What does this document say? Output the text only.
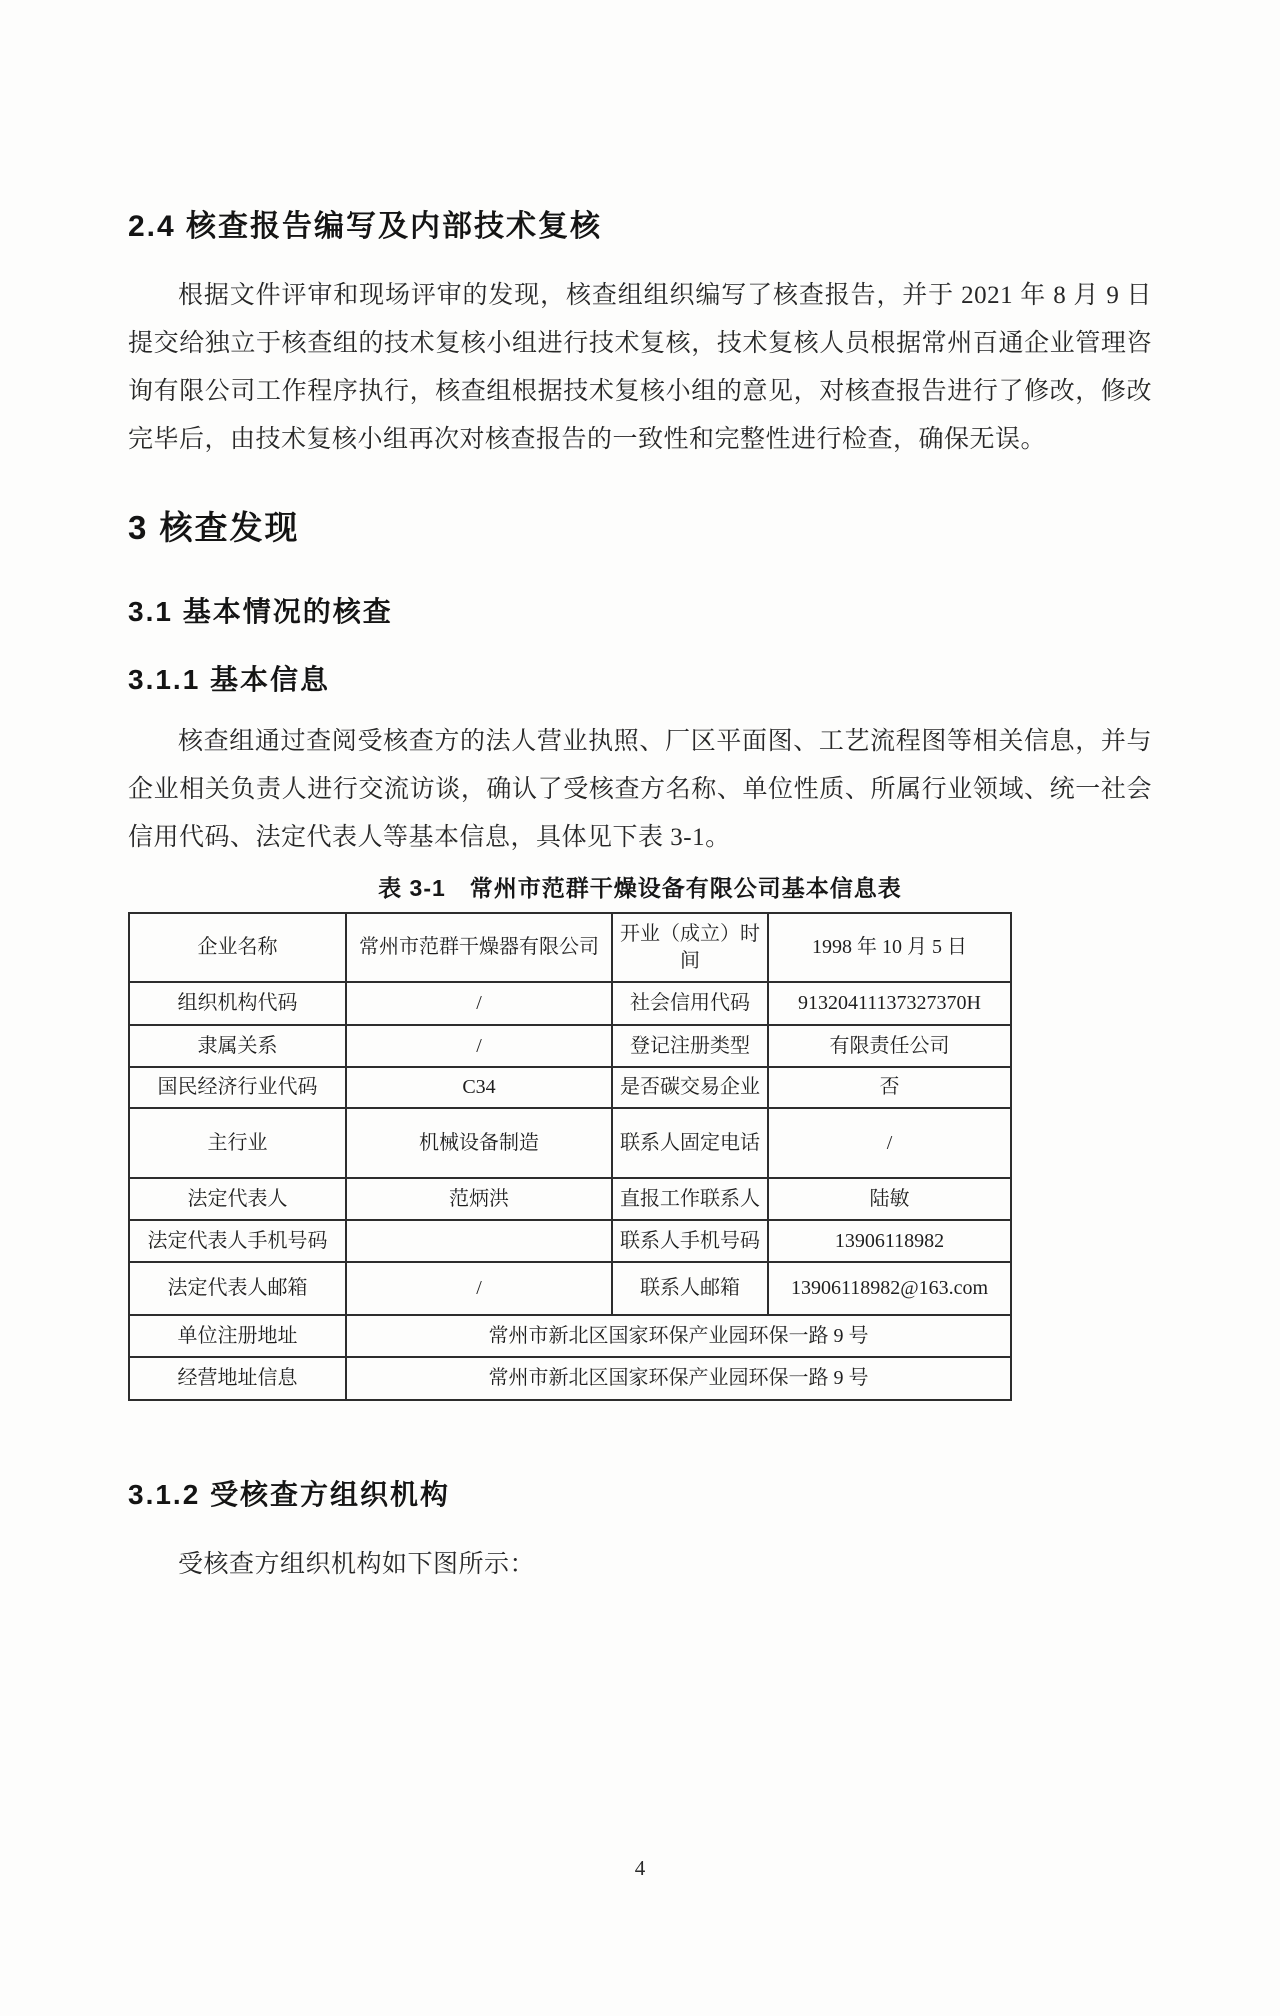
2.4 核查报告编写及内部技术复核
根据文件评审和现场评审的发现，核查组组织编写了核查报告，并于 2021 年 8 月 9 日提交给独立于核查组的技术复核小组进行技术复核，技术复核人员根据常州百通企业管理咨询有限公司工作程序执行，核查组根据技术复核小组的意见，对核查报告进行了修改，修改完毕后，由技术复核小组再次对核查报告的一致性和完整性进行检查，确保无误。
3 核查发现
3.1 基本情况的核查
3.1.1 基本信息
核查组通过查阅受核查方的法人营业执照、厂区平面图、工艺流程图等相关信息，并与企业相关负责人进行交流访谈，确认了受核查方名称、单位性质、所属行业领域、统一社会信用代码、法定代表人等基本信息，具体见下表 3-1。
表 3-1　常州市范群干燥设备有限公司基本信息表
企业名称	常州市范群干燥器有限公司	开业（成立）时间	1998 年 10 月 5 日
组织机构代码	/	社会信用代码	91320411137327370H
隶属关系	/	登记注册类型	有限责任公司
国民经济行业代码	C34	是否碳交易企业	否
主行业	机械设备制造	联系人固定电话	/
法定代表人	范炳洪	直报工作联系人	陆敏
法定代表人手机号码		联系人手机号码	13906118982
法定代表人邮箱	/	联系人邮箱	13906118982@163.com
单位注册地址	常州市新北区国家环保产业园环保一路 9 号		
经营地址信息	常州市新北区国家环保产业园环保一路 9 号		
3.1.2 受核查方组织机构
受核查方组织机构如下图所示：
4
